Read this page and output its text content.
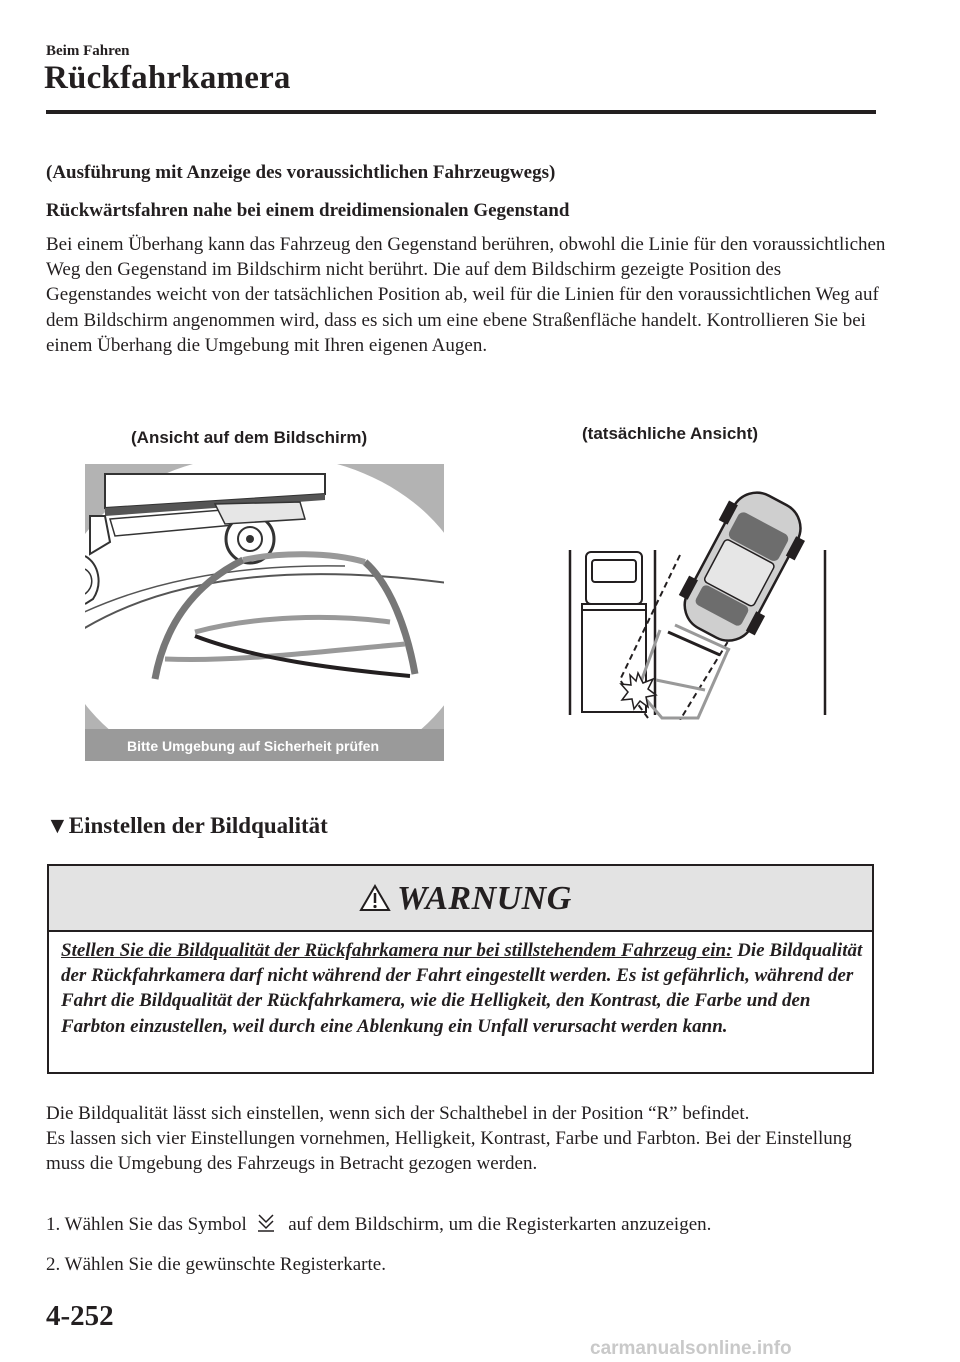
Beim Fahren
Rückfahrkamera
(Ausführung mit Anzeige des voraussichtlichen Fahrzeugwegs)
Rückwärtsfahren nahe bei einem dreidimensionalen Gegenstand
Bei einem Überhang kann das Fahrzeug den Gegenstand berühren, obwohl die Linie für den voraussichtlichen Weg den Gegenstand im Bildschirm nicht berührt. Die auf dem Bildschirm gezeigte Position des Gegenstandes weicht von der tatsächlichen Position ab, weil für die Linien für den voraussichtlichen Weg auf dem Bildschirm angenommen wird, dass es sich um eine ebene Straßenfläche handelt. Kontrollieren Sie bei einem Überhang die Umgebung mit Ihren eigenen Augen.
(Ansicht auf dem Bildschirm)	(tatsächliche Ansicht)
Bitte Umgebung auf Sicherheit prüfen
▼Einstellen der Bildqualität
WARNUNG
Stellen Sie die Bildqualität der Rückfahrkamera nur bei stillstehendem Fahrzeug ein: Die Bildqualität der Rückfahrkamera darf nicht während der Fahrt eingestellt werden. Es ist gefährlich, während der Fahrt die Bildqualität der Rückfahrkamera, wie die Helligkeit, den Kontrast, die Farbe und den Farbton einzustellen, weil durch eine Ablenkung ein Unfall verursacht werden kann.
Die Bildqualität lässt sich einstellen, wenn sich der Schalthebel in der Position “R” befindet.
Es lassen sich vier Einstellungen vornehmen, Helligkeit, Kontrast, Farbe und Farbton. Bei der Einstellung muss die Umgebung des Fahrzeugs in Betracht gezogen werden.
1. Wählen Sie das Symbol auf dem Bildschirm, um die Registerkarten anzuzeigen.
2. Wählen Sie die gewünschte Registerkarte.
4-252
carmanualsonline.info
